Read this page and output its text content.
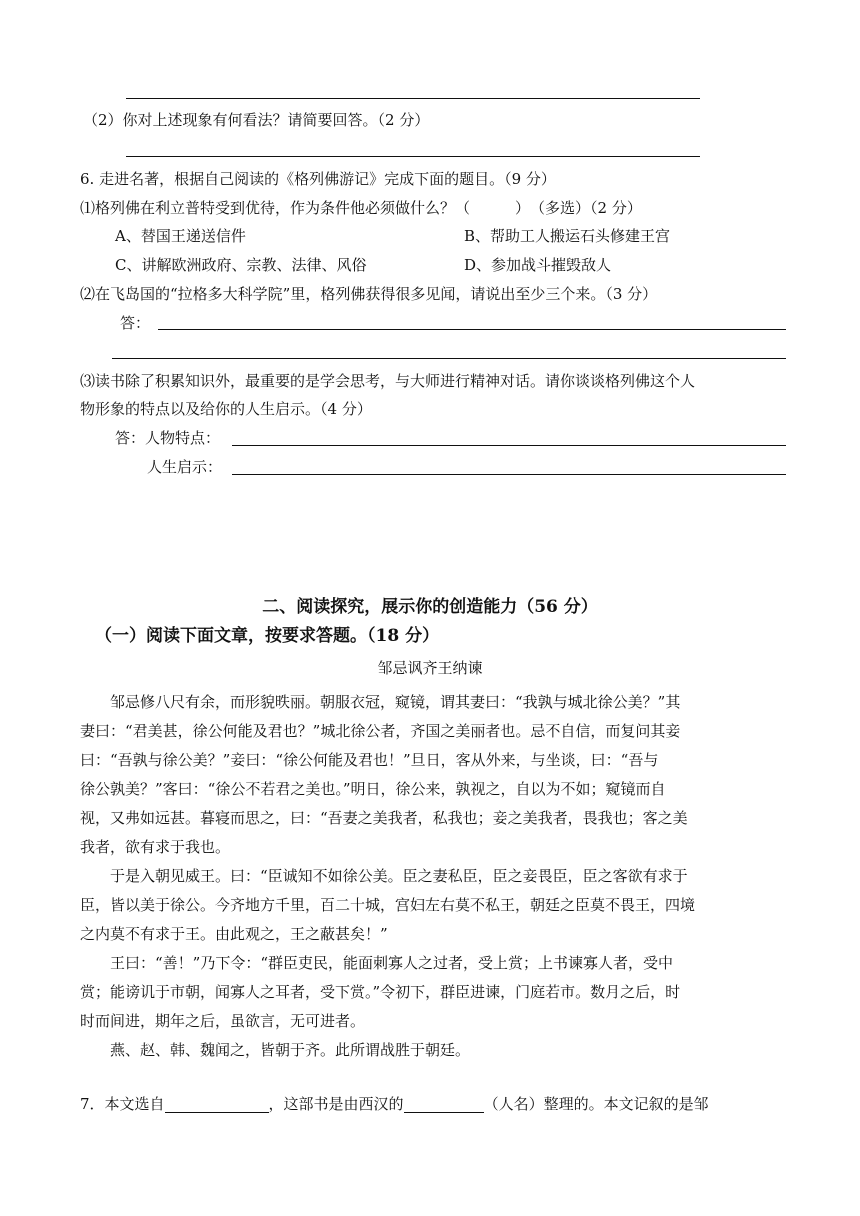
（2）你对上述现象有何看法？请简要回答。（2 分）
6. 走进名著，根据自己阅读的《格列佛游记》完成下面的题目。（9 分）
⑴格列佛在利立普特受到优待，作为条件他必须做什么？（　　　）　（多选）（2 分）
A、替国王递送信件	B、帮助工人搬运石头修建王宫
C、讲解欧洲政府、宗教、法律、风俗	D、参加战斗摧毁敌人
⑵在飞岛国的“拉格多大科学院”里，格列佛获得很多见闻，请说出至少三个来。（3 分）
答：
⑶读书除了积累知识外，最重要的是学会思考，与大师进行精神对话。请你谈谈格列佛这个人
物形象的特点以及给你的人生启示。（4 分）
答：人物特点：
人生启示：
二、阅读探究，展示你的创造能力（56 分）
（一）阅读下面文章，按要求答题。（18 分）
邹忌讽齐王纳谏

　　邹忌修八尺有余，而形貌昳丽。朝服衣冠，窥镜，谓其妻曰：“我孰与城北徐公美？”其

妻曰：“君美甚，徐公何能及君也？”城北徐公者，齐国之美丽者也。忌不自信，而复问其妾

曰：“吾孰与徐公美？”妾曰：“徐公何能及君也！”旦日，客从外来，与坐谈，曰：“吾与

徐公孰美？”客曰：“徐公不若君之美也。”明日，徐公来，孰视之，自以为不如；窥镜而自

视，又弗如远甚。暮寝而思之，曰：“吾妻之美我者，私我也；妾之美我者，畏我也；客之美

我者，欲有求于我也。

　　于是入朝见威王。曰：“臣诚知不如徐公美。臣之妻私臣，臣之妾畏臣，臣之客欲有求于

臣，皆以美于徐公。今齐地方千里，百二十城，宫妇左右莫不私王，朝廷之臣莫不畏王，四境

之内莫不有求于王。由此观之，王之蔽甚矣！”

　　王曰：“善！”乃下令：“群臣吏民，能面刺寡人之过者，受上赏；上书谏寡人者，受中

赏；能谤讥于市朝，闻寡人之耳者，受下赏。”令初下，群臣进谏，门庭若市。数月之后，时

时而间进，期年之后，虽欲言，无可进者。

　　燕、赵、韩、魏闻之，皆朝于齐。此所谓战胜于朝廷。

7．本文选自	，这部书是由西汉的	（人名）整理的。本文记叙的是邹
